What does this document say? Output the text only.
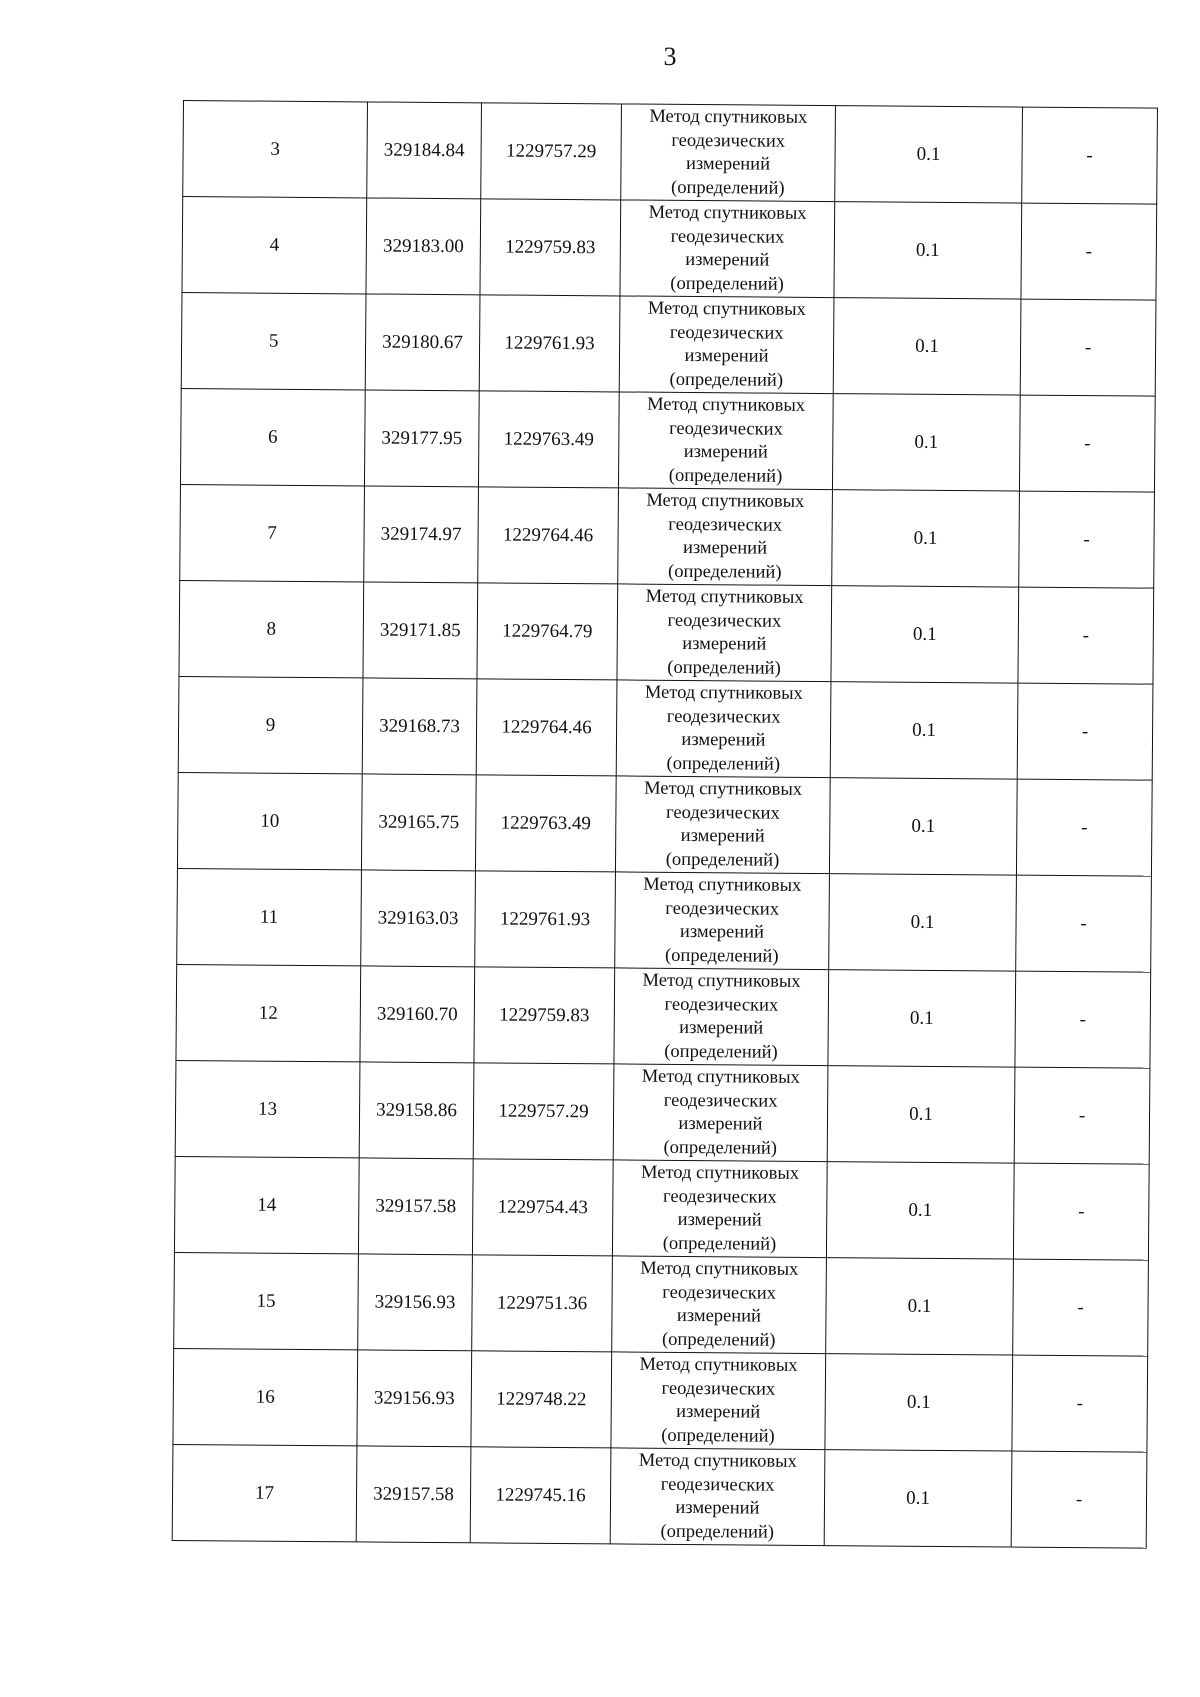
3
3	329184.84	1229757.29	Метод спутниковых
геодезических
измерений
(определений)	0.1	-
4	329183.00	1229759.83	Метод спутниковых
геодезических
измерений
(определений)	0.1	-
5	329180.67	1229761.93	Метод спутниковых
геодезических
измерений
(определений)	0.1	-
6	329177.95	1229763.49	Метод спутниковых
геодезических
измерений
(определений)	0.1	-
7	329174.97	1229764.46	Метод спутниковых
геодезических
измерений
(определений)	0.1	-
8	329171.85	1229764.79	Метод спутниковых
геодезических
измерений
(определений)	0.1	-
9	329168.73	1229764.46	Метод спутниковых
геодезических
измерений
(определений)	0.1	-
10	329165.75	1229763.49	Метод спутниковых
геодезических
измерений
(определений)	0.1	-
11	329163.03	1229761.93	Метод спутниковых
геодезических
измерений
(определений)	0.1	-
12	329160.70	1229759.83	Метод спутниковых
геодезических
измерений
(определений)	0.1	-
13	329158.86	1229757.29	Метод спутниковых
геодезических
измерений
(определений)	0.1	-
14	329157.58	1229754.43	Метод спутниковых
геодезических
измерений
(определений)	0.1	-
15	329156.93	1229751.36	Метод спутниковых
геодезических
измерений
(определений)	0.1	-
16	329156.93	1229748.22	Метод спутниковых
геодезических
измерений
(определений)	0.1	-
17	329157.58	1229745.16	Метод спутниковых
геодезических
измерений
(определений)	0.1	-
